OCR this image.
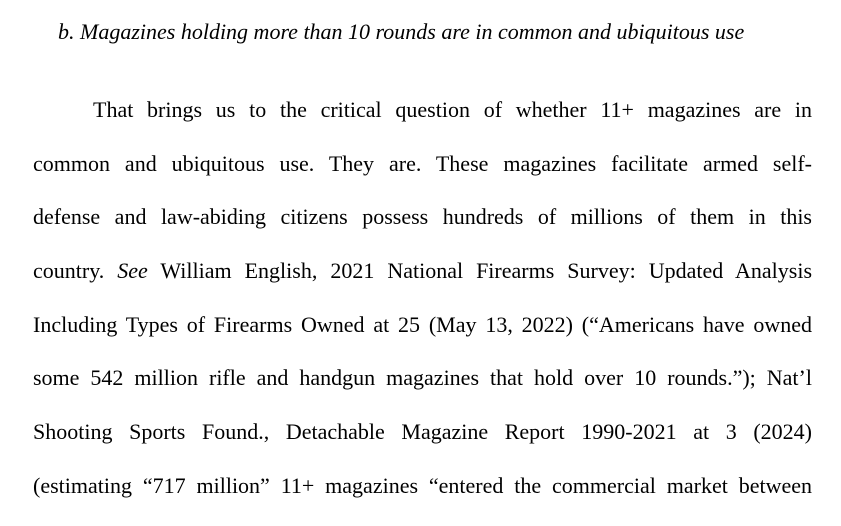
b. Magazines holding more than 10 rounds are in common and ubiquitous use
That brings us to the critical question of whether 11+ magazines are in
common and ubiquitous use. They are. These magazines facilitate armed self-
defense and law-abiding citizens possess hundreds of millions of them in this
country. See William English, 2021 National Firearms Survey: Updated Analysis
Including Types of Firearms Owned at 25 (May 13, 2022) (“Americans have owned
some 542 million rifle and handgun magazines that hold over 10 rounds.”); Nat’l
Shooting Sports Found., Detachable Magazine Report 1990-2021 at 3 (2024)
(estimating “717 million” 11+ magazines “entered the commercial market between
